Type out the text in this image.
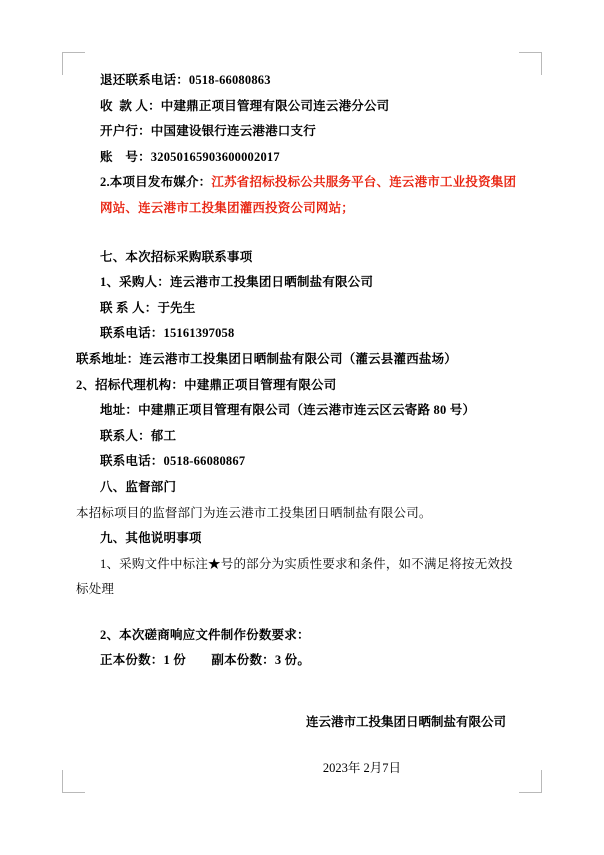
退还联系电话：0518-66080863
收  款 人：中建鼎正项目管理有限公司连云港分公司
开户行：中国建设银行连云港港口支行
账　号：32050165903600002017
2.本项目发布媒介：江苏省招标投标公共服务平台、连云港市工业投资集团网站、连云港市工投集团灌西投资公司网站；
七、本次招标采购联系事项
1、采购人：连云港市工投集团日晒制盐有限公司
联 系 人：于先生
联系电话：15161397058
联系地址：连云港市工投集团日晒制盐有限公司（灌云县灌西盐场）
2、招标代理机构：中建鼎正项目管理有限公司
地址：中建鼎正项目管理有限公司（连云港市连云区云寄路 80 号）
联系人：郁工
联系电话：0518-66080867
八、监督部门
本招标项目的监督部门为连云港市工投集团日晒制盐有限公司。
九、其他说明事项
1、采购文件中标注★号的部分为实质性要求和条件，如不满足将按无效投
标处理
2、本次磋商响应文件制作份数要求：
正本份数：1 份　　副本份数：3 份。
连云港市工投集团日晒制盐有限公司
2023年 2月7日
